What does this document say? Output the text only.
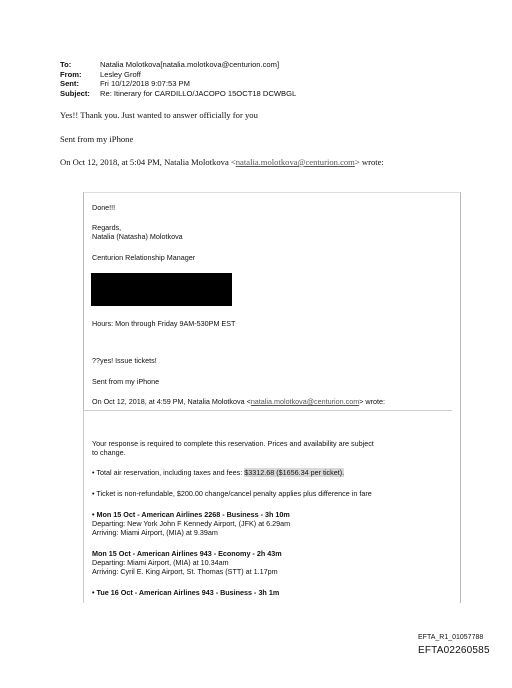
To:	Natalia Molotkova[natalia.molotkova@centurion.com]
From:	Lesley Groff
Sent:	Fri 10/12/2018 9:07:53 PM
Subject:	Re: Itinerary for CARDILLO/JACOPO 15OCT18 DCWBGL
Yes!! Thank you. Just wanted to answer officially for you
Sent from my iPhone
On Oct 12, 2018, at 5:04 PM, Natalia Molotkova <natalia.molotkova@centurion.com> wrote:
Done!!!
Regards,
Natalia (Natasha) Molotkova
Centurion Relationship Manager
Hours: Mon through Friday 9AM-530PM EST
??yes! Issue tickets!
Sent from my iPhone
On Oct 12, 2018, at 4:59 PM, Natalia Molotkova <natalia.molotkova@centurion.com> wrote:
Your response is required to complete this reservation. Prices and availability are subject
to change.
• Total air reservation, including taxes and fees: $3312.68 ($1656.34 per ticket).
• Ticket is non-refundable, $200.00 change/cancel penalty applies plus difference in fare
• Mon 15 Oct - American Airlines 2268 - Business - 3h 10m
Departing: New York John F Kennedy Airport, (JFK) at 6.29am
Arriving: Miami Airport, (MIA) at 9.39am
Mon 15 Oct - American Airlines 943 - Economy - 2h 43m
Departing: Miami Airport, (MIA) at 10.34am
Arriving: Cyril E. King Airport, St. Thomas (STT) at 1.17pm
• Tue 16 Oct - American Airlines 943 - Business - 3h 1m
EFTA_R1_01057788
EFTA02260585
